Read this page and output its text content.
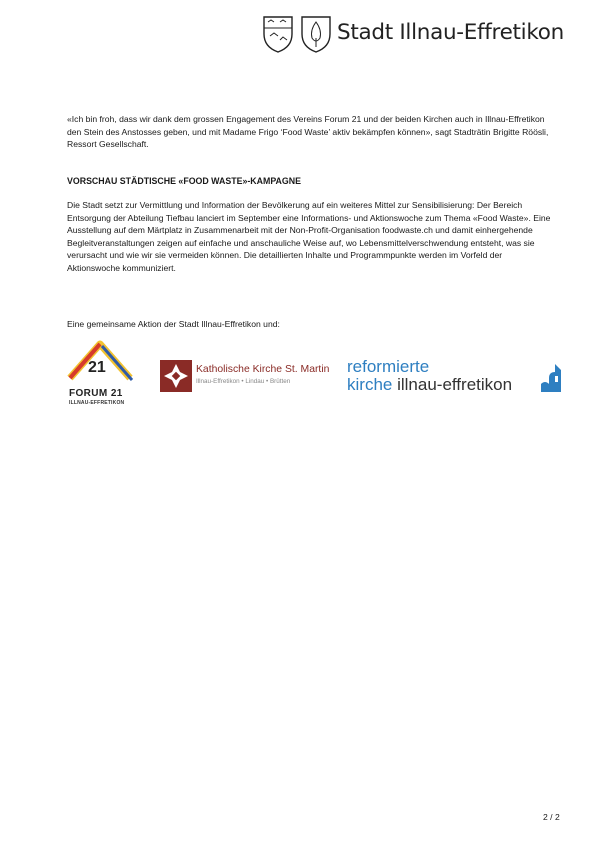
Stadt Illnau-Effretikon

«Ich bin froh, dass wir dank dem grossen Engagement des Vereins Forum 21 und der beiden Kirchen auch in Illnau-Effretikon den Stein des Anstosses geben, und mit Madame Frigo ‘Food Waste’ aktiv bekämpfen können», sagt Stadträtin Brigitte Röösli, Ressort Gesellschaft.

VORSCHAU STÄDTISCHE «FOOD WASTE»-KAMPAGNE

Die Stadt setzt zur Vermittlung und Information der Bevölkerung auf ein weiteres Mittel zur Sensibilisierung: Der Bereich Entsorgung der Abteilung Tiefbau lanciert im September eine Informations- und Aktionswoche zum Thema «Food Waste». Eine Ausstellung auf dem Märtplatz in Zusammenarbeit mit der Non-Profit-Organisation foodwaste.ch und damit einhergehende Begleitveranstaltungen zeigen auf einfache und anschauliche Weise auf, wo Lebensmittelverschwendung entsteht, was sie verursacht und wie wir sie vermeiden können. Die detaillierten Inhalte und Programmpunkte werden im Vorfeld der Aktionswoche kommuniziert.

Eine gemeinsame Aktion der Stadt Illnau-Effretikon und:

21
FORUM 21
ILLNAU-EFFRETIKON
Katholische Kirche St. Martin
Illnau-Effretikon • Lindau • Brütten
reformierte
kirche illnau-effretikon
2 / 2
